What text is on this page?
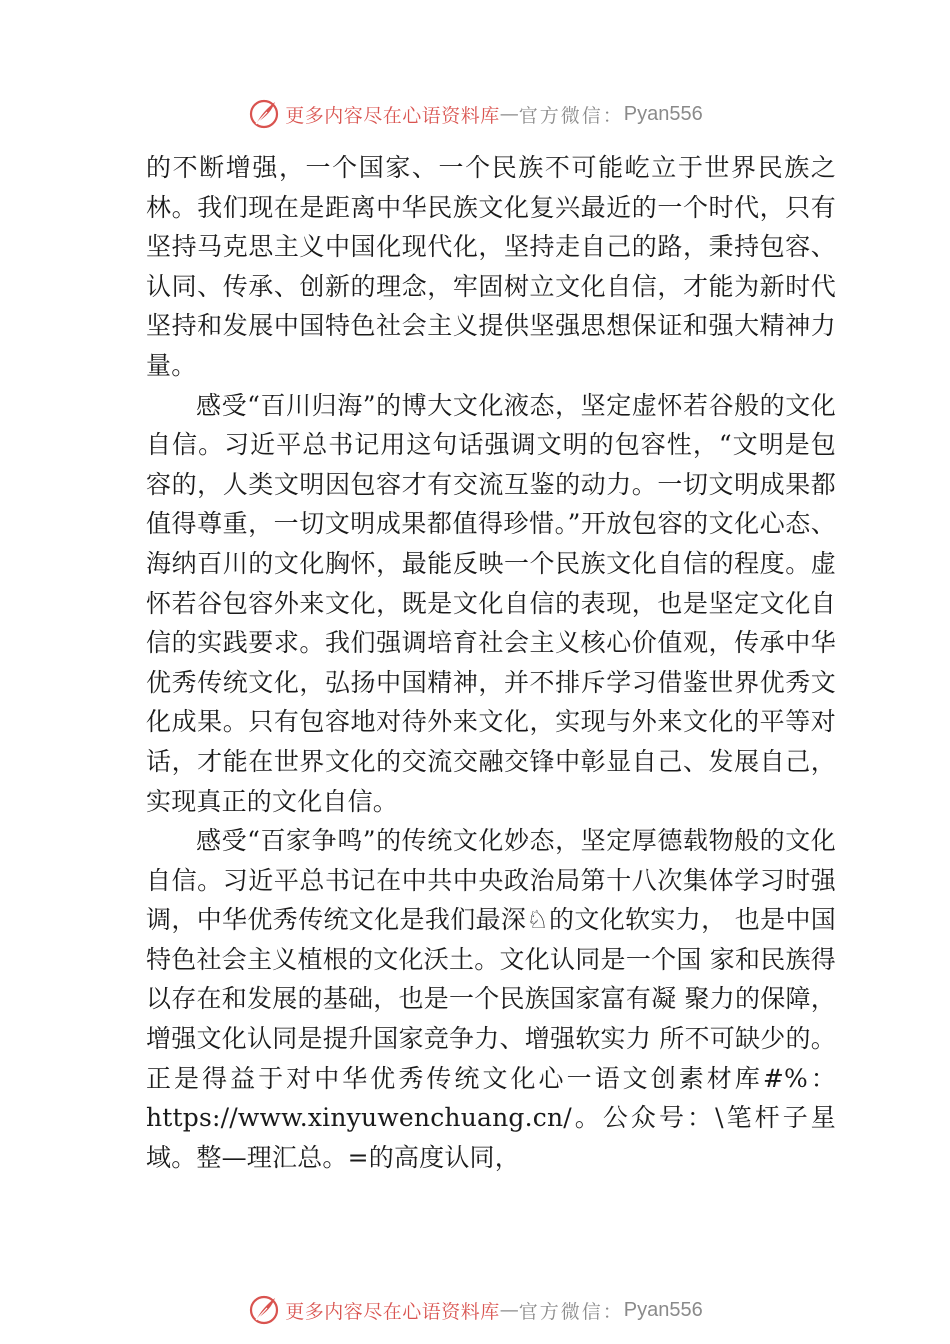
更多内容尽在心语资料库 — 官方微信： Pyan556

的不断增强，一个国家、一个民族不可能屹立于世界民族之林。我们现在是距离中华民族文化复兴最近的一个时代，只有坚持马克思主义中国化现代化，坚持走自己的路，秉持包容、认同、传承、创新的理念，牢固树立文化自信，才能为新时代坚持和发展中国特色社会主义提供坚强思想保证和强大精神力量。

感受“百川归海”的博大文化液态，坚定虚怀若谷般的文化自信。习近平总书记用这句话强调文明的包容性，“文明是包容的，人类文明因包容才有交流互鉴的动力。一切文明成果都值得尊重，一切文明成果都值得珍惜。”开放包容的文化心态、海纳百川的文化胸怀，最能反映一个民族文化自信的程度。虚怀若谷包容外来文化，既是文化自信的表现，也是坚定文化自信的实践要求。我们强调培育社会主义核心价值观，传承中华优秀传统文化，弘扬中国精神，并不排斥学习借鉴世界优秀文化成果。只有包容地对待外来文化，实现与外来文化的平等对话，才能在世界文化的交流交融交锋中彰显自己、发展自己，实现真正的文化自信。

感受“百家争鸣”的传统文化妙态，坚定厚德载物般的文化自信。习近平总书记在中共中央政治局第十八次集体学习时强调，中华优秀传统文化是我们最深♘的文化软实力， 也是中国特色社会主义植根的文化沃土。文化认同是一个国 家和民族得以存在和发展的基础，也是一个民族国家富有凝 聚力的保障，增强文化认同是提升国家竞争力、增强软实力 所不可缺少的。正是得益于对中华优秀传统文化心一语文创素材库#%：https://www.xinyuwenchuang.cn/。公众号：\笔杆子星域。整—理汇总。=的高度认同，

更多内容尽在心语资料库 — 官方微信： Pyan556
